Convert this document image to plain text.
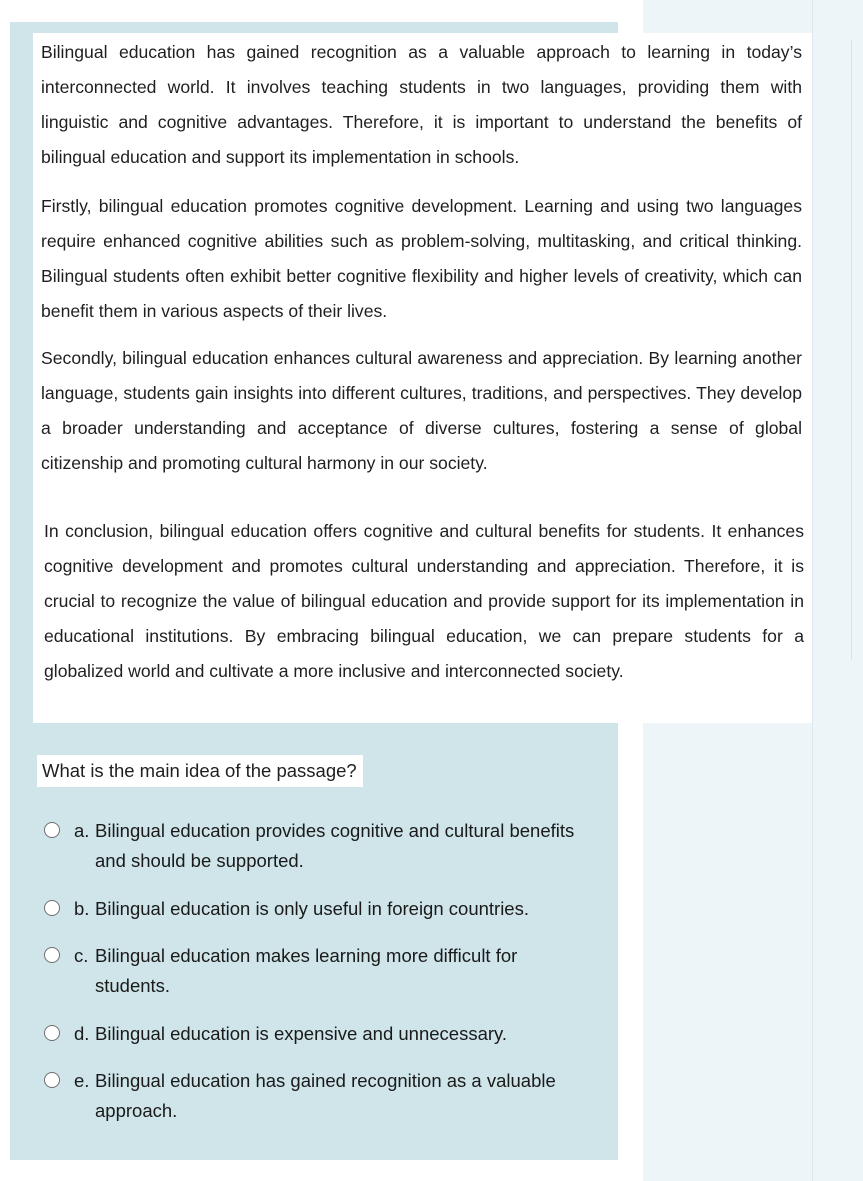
Bilingual education has gained recognition as a valuable approach to learning in today’s interconnected world. It involves teaching students in two languages, providing them with linguistic and cognitive advantages. Therefore, it is important to understand the benefits of bilingual education and support its implementation in schools.

Firstly, bilingual education promotes cognitive development. Learning and using two languages require enhanced cognitive abilities such as problem-solving, multitasking, and critical thinking. Bilingual students often exhibit better cognitive flexibility and higher levels of creativity, which can benefit them in various aspects of their lives.

Secondly, bilingual education enhances cultural awareness and appreciation. By learning another language, students gain insights into different cultures, traditions, and perspectives. They develop a broader understanding and acceptance of diverse cultures, fostering a sense of global citizenship and promoting cultural harmony in our society.

In conclusion, bilingual education offers cognitive and cultural benefits for students. It enhances cognitive development and promotes cultural understanding and appreciation. Therefore, it is crucial to recognize the value of bilingual education and provide support for its implementation in educational institutions. By embracing bilingual education, we can prepare students for a globalized world and cultivate a more inclusive and interconnected society.

What is the main idea of the passage?
a. Bilingual education provides cognitive and cultural benefits and should be supported.
b. Bilingual education is only useful in foreign countries.
c. Bilingual education makes learning more difficult for students.
d. Bilingual education is expensive and unnecessary.
e. Bilingual education has gained recognition as a valuable approach.
